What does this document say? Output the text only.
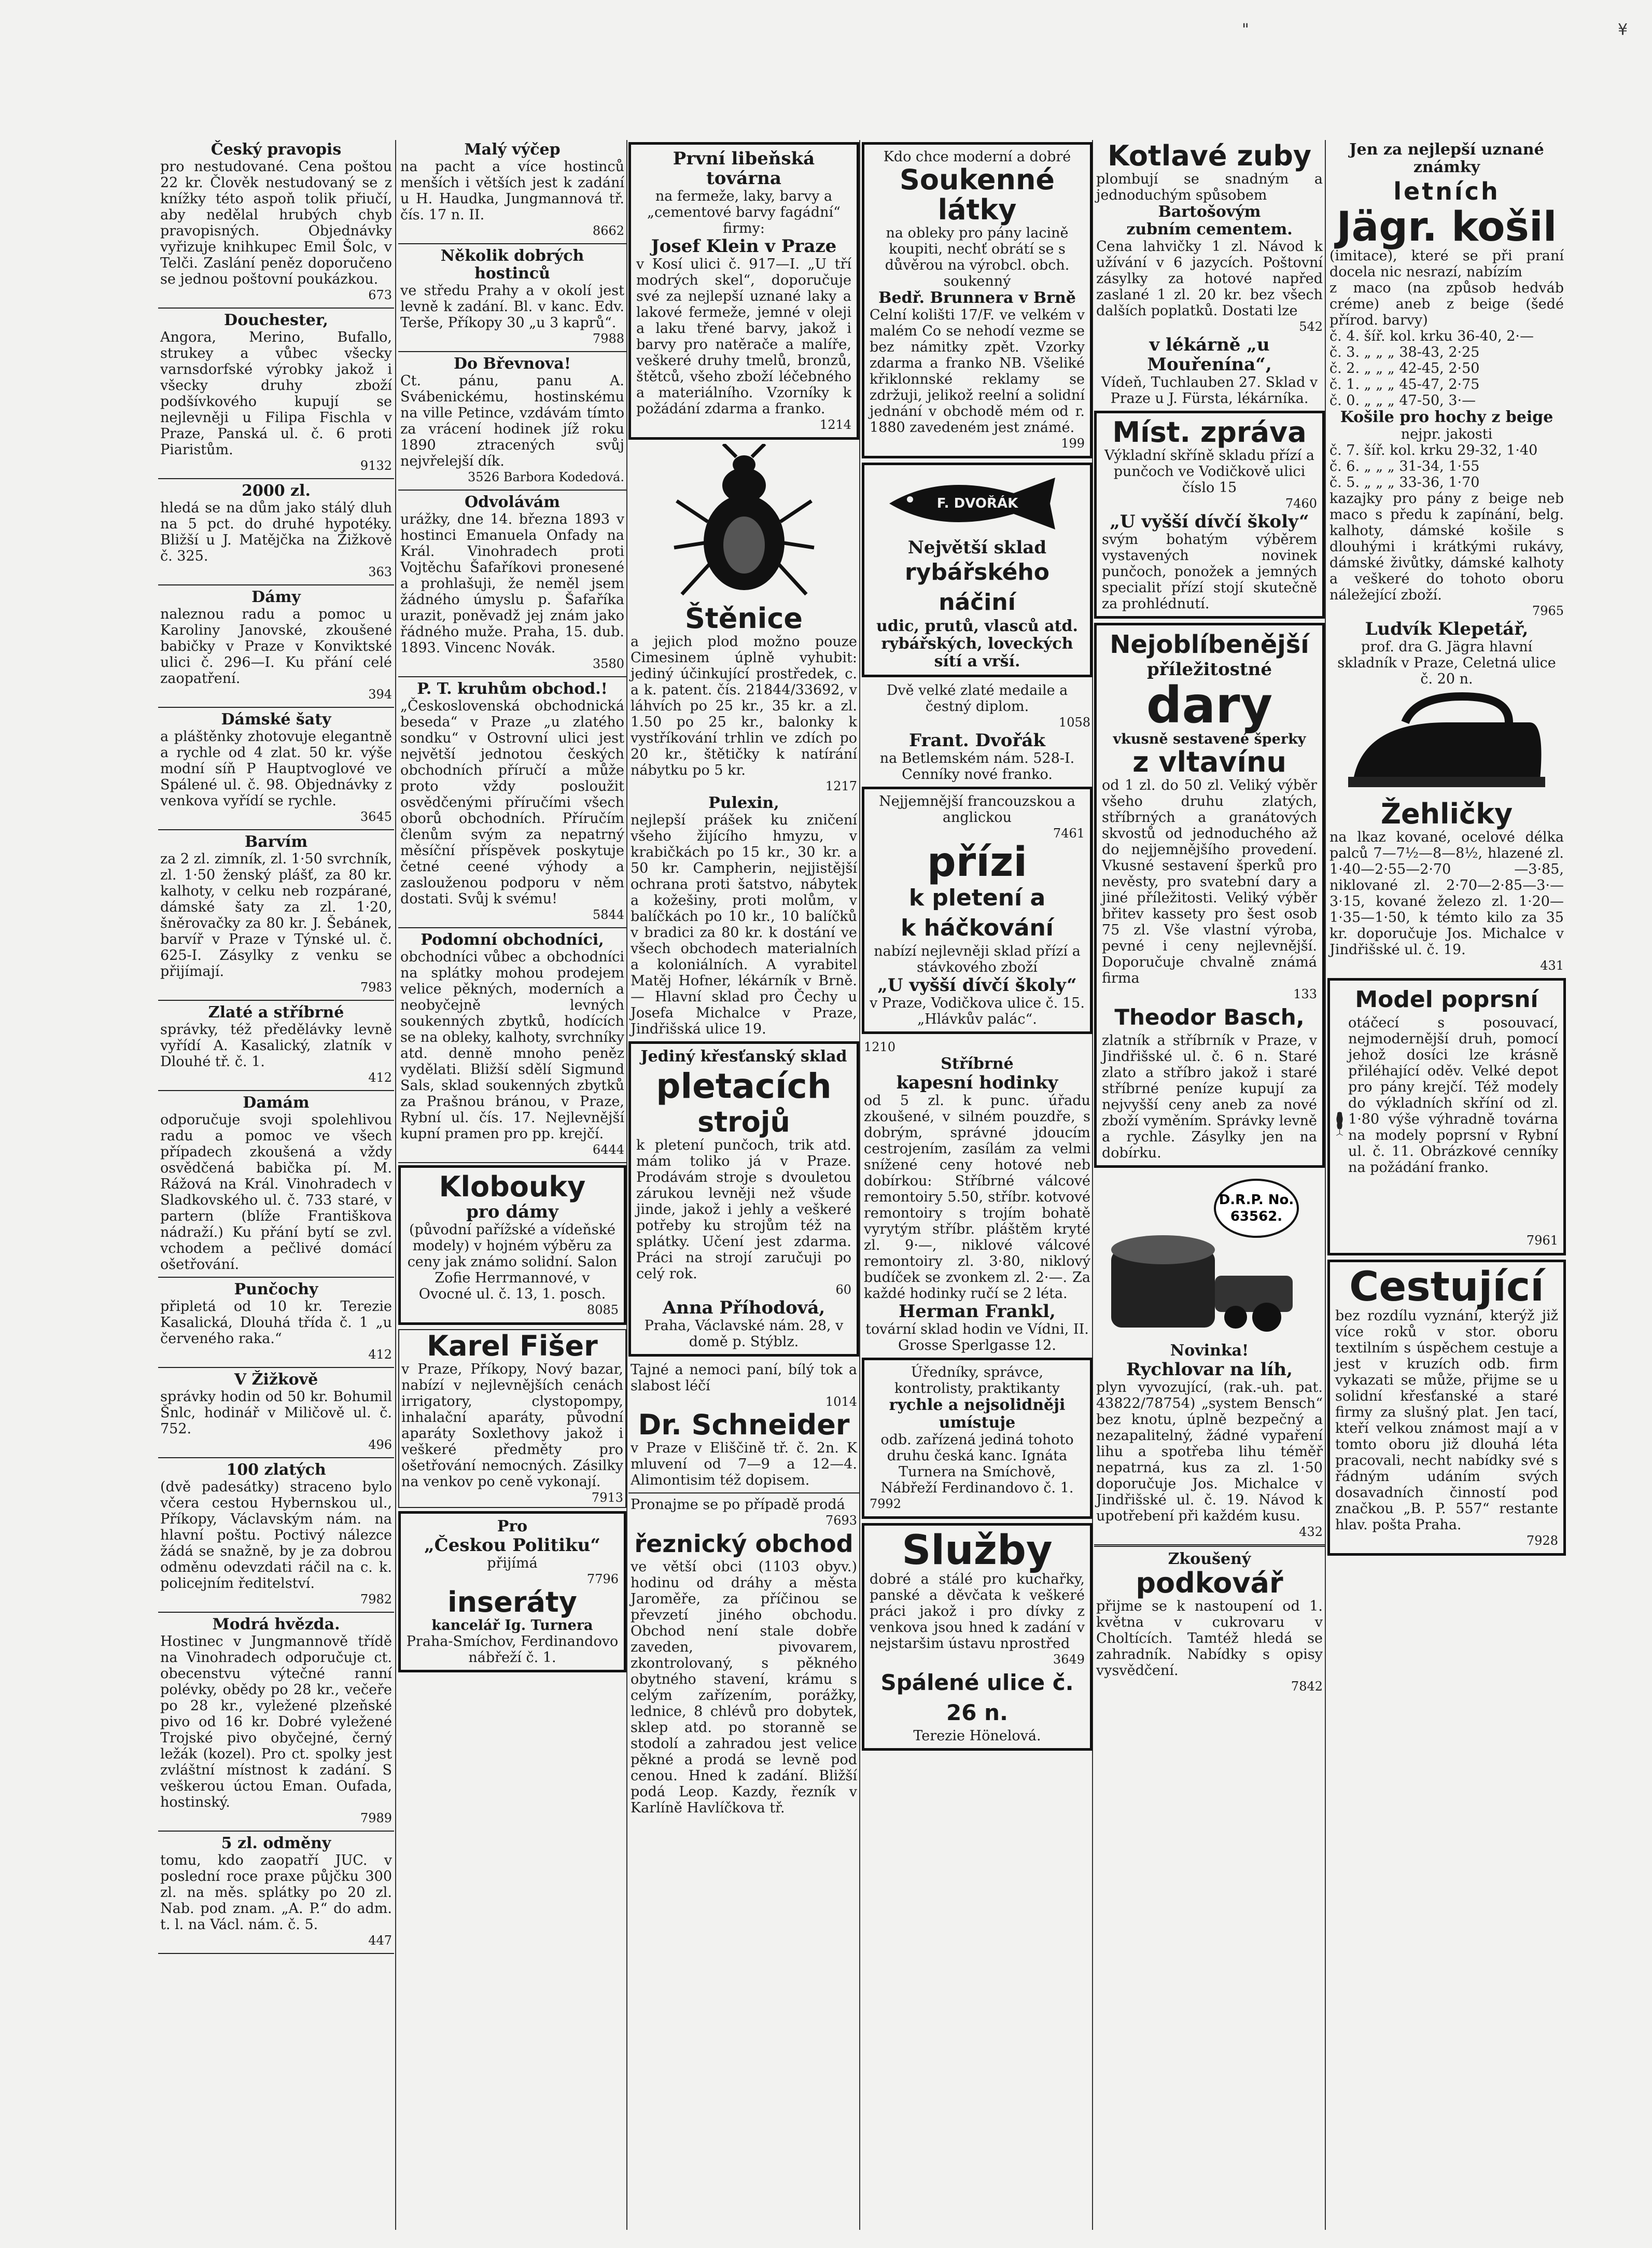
¥
"
Český pravopis
pro nestudované. Cena poštou 22 kr. Člověk nestudovaný se z knížky této aspoň tolik přiučí, aby nedělal hrubých chyb pravopisných. Objednávky vyřizuje knihkupec Emil Šolc, v Telči. Zaslání peněz doporučeno se jednou poštovní poukázkou.
673
Douchester,
Angora, Merino, Bufallo, strukey a vůbec všecky varnsdorfské výrobky jakož i všecky druhy zboží podšívkového kupují se nejlevněji u Filipa Fischla v Praze, Panská ul. č. 6 proti Piaristům.
9132
2000 zl.
hledá se na dům jako stálý dluh na 5 pct. do druhé hypotéky. Bližší u J. Matějčka na Žižkově č. 325.
363
Dámy
naleznou radu a pomoc u Karoliny Janovské, zkoušené babičky v Praze v Konviktské ulici č. 296—I. Ku přání celé zaopatření.
394
Dámské šaty
a pláštěnky zhotovuje elegantně a rychle od 4 zlat. 50 kr. výše modní síň P Hauptvoglové ve Spálené ul. č. 98. Objednávky z venkova vyřídí se rychle.
3645
Barvím
za 2 zl. zimník, zl. 1·50 svrchník, zl. 1·50 ženský plášť, za 80 kr. kalhoty, v celku neb rozpárané, dámské šaty za zl. 1·20, šněrovačky za 80 kr. J. Šebánek, barvíř v Praze v Týnské ul. č. 625-I. Zásylky z venku se přijímají.
7983
Zlaté a stříbrné
správky, též předělávky levně vyřídí A. Kasalický, zlatník v Dlouhé tř. č. 1.
412
Damám
odporučuje svoji spolehlivou radu a pomoc ve všech případech zkoušená a vždy osvědčená babička pí. M. Rážová na Král. Vinohradech v Sladkovského ul. č. 733 staré, v partern (blíže Františkova nádraží.) Ku přání bytí se zvl. vchodem a pečlivé domácí ošetřování.
Punčochy
připletá od 10 kr. Terezie Kasalická, Dlouhá třída č. 1 „u červeného raka.“
412
V Žižkově
správky hodin od 50 kr. Bohumil Šnlc, hodinář v Miličově ul. č. 752.
496
100 zlatých
(dvě padesátky) straceno bylo včera cestou Hybernskou ul., Příkopy, Václavským nám. na hlavní poštu. Poctivý nálezce žádá se snažně, by je za dobrou odměnu odevzdati ráčil na c. k. policejním ředitelství.
7982
Modrá hvězda.
Hostinec v Jungmannově třídě na Vinohradech odporučuje ct. obecenstvu výtečné ranní polévky, obědy po 28 kr., večeře po 28 kr., vyležené plzeňské pivo od 16 kr. Dobré vyležené Trojské pivo obyčejné, černý ležák (kozel). Pro ct. spolky jest zvláštní místnost k zadání. S veškerou úctou Eman. Oufada, hostinský.
7989
5 zl. odměny
tomu, kdo zaopatří JUC. v poslední roce praxe půjčku 300 zl. na měs. splátky po 20 zl. Nab. pod znam. „A. P.“ do adm. t. l. na Václ. nám. č. 5.
447
Malý výčep
na pacht a více hostinců menších i větších jest k zadání u H. Haudka, Jungmannová tř. čís. 17 n. II.
8662
Několik dobrých hostinců
ve středu Prahy a v okolí jest levně k zadání. Bl. v kanc. Edv. Terše, Příkopy 30 „u 3 kaprů“.
7988
Do Břevnova!
Ct. pánu, panu A. Svábenickému, hostinskému na ville Petince, vzdávám tímto za vrácení hodinek jíž roku 1890 ztracených svůj nejvřelejší dík.
3526 Barbora Kodedová.
Odvolávám
urážky, dne 14. března 1893 v hostinci Emanuela Onfady na Král. Vinohradech proti Vojtěchu Šafaříkovi pronesené a prohlašuji, že neměl jsem žádného úmyslu p. Šafaříka urazit, poněvadž jej znám jako řádného muže. Praha, 15. dub. 1893. Vincenc Novák.
3580
P. T. kruhům obchod.!
„Československá obchodnická beseda“ v Praze „u zlatého sondku“ v Ostrovní ulici jest největší jednotou českých obchodních příručí a může proto vždy posloužit osvědčenými příručími všech oborů obchodních. Příručím členům svým za nepatrný měsíční příspěvek poskytuje četné ceené výhody a zaslouženou podporu v něm dostati. Svůj k svému!
5844
Podomní obchodníci,
obchodníci vůbec a obchodníci na splátky mohou prodejem velice pěkných, moderních a neobyčejně levných soukenných zbytků, hodících se na obleky, kalhoty, svrchníky atd. denně mnoho peněz vydělati. Bližší sdělí Sigmund Sals, sklad soukenných zbytků za Prašnou bránou, v Praze, Rybní ul. čís. 17. Nejlevnější kupní pramen pro pp. krejčí.
6444
Klobouky
pro dámy
(původní pařížské a vídeňské modely) v hojném výběru za ceny jak známo solidní. Salon Zofie Herrmannové, v Ovocné ul. č. 13, 1. posch.
8085
Karel Fišer
v Praze, Příkopy, Nový bazar, nabízí v nejlevnějších cenách irrigatory, clystopompy, inhalační aparáty, původní aparáty Soxlethovy jakož i veškeré předměty pro ošetřování nemocných. Zásilky na venkov po ceně vykonají.
7913
Pro
„Českou Politiku“
přijímá
7796
inseráty
kancelář Ig. Turnera
Praha-Smíchov, Ferdinandovo nábřeží č. 1.
První libeňská továrna
na fermeže, laky, barvy a „cementové barvy fagádní“ firmy:
Josef Klein v Praze
v Kosí ulici č. 917—I. „U tří modrých skel“, doporučuje své za nejlepší uznané laky a lakové fermeže, jemné v oleji a laku třené barvy, jakož i barvy pro natěrače a malíře, veškeré druhy tmelů, bronzů, štětců, všeho zboží léčebného a materiálního. Vzorníky k požádání zdarma a franko.
1214
Štěnice
a jejich plod možno pouze Cimesinem úplně vyhubit: jediný účinkující prostředek, c. a k. patent. čís. 21844/33692, v láhvích po 25 kr., 35 kr. a zl. 1.50 po 25 kr., balonky k vystříkování trhlin ve zdích po 20 kr., štětičky k natírání nábytku po 5 kr.
1217
Pulexin,
nejlepší prášek ku zničení všeho žijícího hmyzu, v krabičkách po 15 kr., 30 kr. a 50 kr. Campherin, nejjistější ochrana proti šatstvo, nábytek a kožešiny, proti molům, v balíčkách po 10 kr., 10 balíčků v bradici za 80 kr. k dostání ve všech obchodech materialních a koloniálních. A vyrabitel Matěj Hofner, lékárník v Brně. — Hlavní sklad pro Čechy u Josefa Michalce v Praze, Jindřišská ulice 19.
Jediný křesťanský sklad
pletacích
strojů
k pletení punčoch, trik atd. mám toliko já v Praze. Prodávám stroje s dvouletou zárukou levněji než všude jinde, jakož i jehly a veškeré potřeby ku strojům též na splátky. Učení jest zdarma. Práci na strojí zaručuji po celý rok.
60
Anna Příhodová,
Praha, Václavské nám. 28, v domě p. Stýblz.
Tajné a nemoci paní, bílý tok a slabost léčí
1014
Dr. Schneider
v Praze v Eliščině tř. č. 2n. K mluvení od 7—9 a 12—4. Alimontisim též dopisem.
Pronajme se po případě prodá
7693
řeznický obchod
ve větší obci (1103 obyv.) hodinu od dráhy a města Jaroměře, za příčinou se převzetí jiného obchodu. Obchod není stale dobře zaveden, pivovarem, zkontrolovaný, s pěkného obytného stavení, krámu s celým zařízením, porážky, lednice, 8 chlévů pro dobytek, sklep atd. po storanně se stodolí a zahradou jest velice pěkné a prodá se levně pod cenou. Hned k zadání. Bližší podá Leop. Kazdy, řezník v Karlíně Havlíčkova tř.
Kdo chce moderní a dobré
Soukenné látky
na obleky pro pány lacině koupiti, nechť obrátí se s důvěrou na výrobcl. obch. soukenný
Bedř. Brunnera v Brně
Celní kolišti 17/F. ve velkém v malém Co se nehodí vezme se bez námitky zpět. Vzorky zdarma a franko NB. Všeliké křiklonnské reklamy se zdržuji, jelikož reelní a solidní jednání v obchodě mém od r. 1880 zavedeném jest známé.
199
F. DVOŘÁK
Největší sklad
rybářského náčiní
udic, prutů, vlasců atd. rybářských, loveckých sítí a vrší.
Dvě velké zlaté medaile a čestný diplom.
1058
Frant. Dvořák
na Betlemském nám. 528-I. Cenníky nové franko.
Nejjemnější francouzskou a anglickou
7461
přízi
k pletení a
k háčkování
nabízí nejlevněji sklad přízí a stávkového zboží
„U vyšší dívčí školy“
v Praze, Vodičkova ulice č. 15. „Hlávkův palác“.
1210
Stříbrné
kapesní hodinky
od 5 zl. k punc. úřadu zkoušené, v silném pouzdře, s dobrým, správné jdoucím cestrojením, zasílám za velmi snížené ceny hotové neb dobírkou: Stříbrné válcové remontoiry 5.50, stříbr. kotvové remontoiry s trojím bohatě vyrytým stříbr. pláštěm kryté zl. 9·—, niklové válcové remontoiry zl. 3·80, niklový budíček se zvonkem zl. 2·—. Za každé hodinky ručí se 2 léta.
Herman Frankl,
tovární sklad hodin ve Vídni, II. Grosse Sperlgasse 12.
Úředníky, správce, kontrolisty, praktikanty
rychle a nejsolidněji umístuje
odb. zařízená jediná tohoto druhu česká kanc. Ignáta Turnera na Smíchově, Nábřeží Ferdinandovo č. 1.
7992
Služby
dobré a stálé pro kuchařky, panské a děvčata k veškeré práci jakož i pro dívky z venkova jsou hned k zadání v nejstaršim ústavu nprostřed
3649
Spálené ulice č. 26 n.
Terezie Hönelová.
Kotlavé zuby
plombují se snadným a jednoduchým spůsobem
Bartošovým
zubním cementem.
Cena lahvičky 1 zl. Návod k užívání v 6 jazycích. Poštovní zásylky za hotové napřed zaslané 1 zl. 20 kr. bez všech dalších poplatků. Dostati lze
542
v lékárně „u Mouřenína“,
Vídeň, Tuchlauben 27. Sklad v Praze u J. Fürsta, lékárníka.
Míst. zpráva
Výkladní skříně skladu přízí a punčoch ve Vodičkově ulici číslo 15
7460
„U vyšší dívčí školy“
svým bohatým výběrem vystavených novinek punčoch, ponožek a jemných specialit přízí stojí skutečně za prohlédnutí.
Nejoblíbenější
příležitostné
dary
vkusně sestavené šperky
z vltavínu
od 1 zl. do 50 zl. Veliký výběr všeho druhu zlatých, stříbrných a granátových skvostů od jednoduchého až do nejjemnějšího provedení. Vkusné sestavení šperků pro nevěsty, pro svatební dary a jiné příležitosti. Veliký výběr břitev kassety pro šest osob 75 zl. Vše vlastní výroba, pevné i ceny nejlevnější. Doporučuje chvalně známá firma
133
Theodor Basch,
zlatník a stříbrník v Praze, v Jindřišské ul. č. 6 n. Staré zlato a stříbro jakož i staré stříbrné peníze kupují za nejvyšší ceny aneb za nové zboží vyměním. Správky levně a rychle. Zásylky jen na dobírku.
D.R.P. No.
63562.
Novinka!
Rychlovar na líh,
plyn vyvozující, (rak.-uh. pat. 43822/78754) „system Bensch“ bez knotu, úplně bezpečný a nezapalitelný, žádné vypaření lihu a spotřeba lihu téměř nepatrná, kus za zl. 1·50 doporučuje Jos. Michalce v Jindřišské ul. č. 19. Návod k upotřebení při každém kusu.
432
Zkoušený
podkovář
přijme se k nastoupení od 1. května v cukrovaru v Choltících. Tamtéž hledá se zahradník. Nabídky s opisy vysvědčení.
7842
Jen za nejlepší uznané známky
letních
Jägr. košil
(imitace), které se při praní docela nic nesrazí, nabízím
z maco (na způsob hedváb créme) aneb z beige (šedé přírod. barvy)
č. 4. šíř. kol. krku 36-40, 2·—
č. 3. „ „ „ 38-43, 2·25
č. 2. „ „ „ 42-45, 2·50
č. 1. „ „ „ 45-47, 2·75
č. 0. „ „ „ 47-50, 3·—
Košile pro hochy z beige
nejpr. jakosti
č. 7. šíř. kol. krku 29-32, 1·40
č. 6. „ „ „ 31-34, 1·55
č. 5. „ „ „ 33-36, 1·70
kazajky pro pány z beige neb maco s předu k zapínání, belg. kalhoty, dámské košile s dlouhými i krátkými rukávy, dámské živůtky, dámské kalhoty a veškeré do tohoto oboru náležející zboží.
7965
Ludvík Klepetář,
prof. dra G. Jägra hlavní skladník v Praze, Celetná ulice č. 20 n.
Žehličky
na lkaz kované, ocelové délka palců 7—7½—8—8½, hlazené zl. 1·40—2·55—2·70 —3·85, niklované zl. 2·70—2·85—3·—3·15, kované železo zl. 1·20—1·35—1·50, k témto kilo za 35 kr. doporučuje Jos. Michalce v Jindřišské ul. č. 19.
431
Model poprsní
otáčecí s posouvací, nejmodernější druh, pomocí jehož dosíci lze krásně přiléhající oděv. Velké depot pro pány krejčí. Též modely do výkladních skříní od zl. 1·80 výše výhradně továrna na modely poprsní v Rybní ul. č. 11. Obrázkové cenníky na požádání franko.
7961
Cestující
bez rozdílu vyznání, kterýž již více roků v stor. oboru textilním s úspěchem cestuje a jest v kruzích odb. firm vykazati se může, přijme se u solidní křesťanské a staré firmy za slušný plat. Jen tací, kteří velkou známost mají a v tomto oboru již dlouhá léta pracovali, necht nabídky své s řádným udáním svých dosavadních činností pod značkou „B. P. 557“ restante hlav. pošta Praha.
7928
